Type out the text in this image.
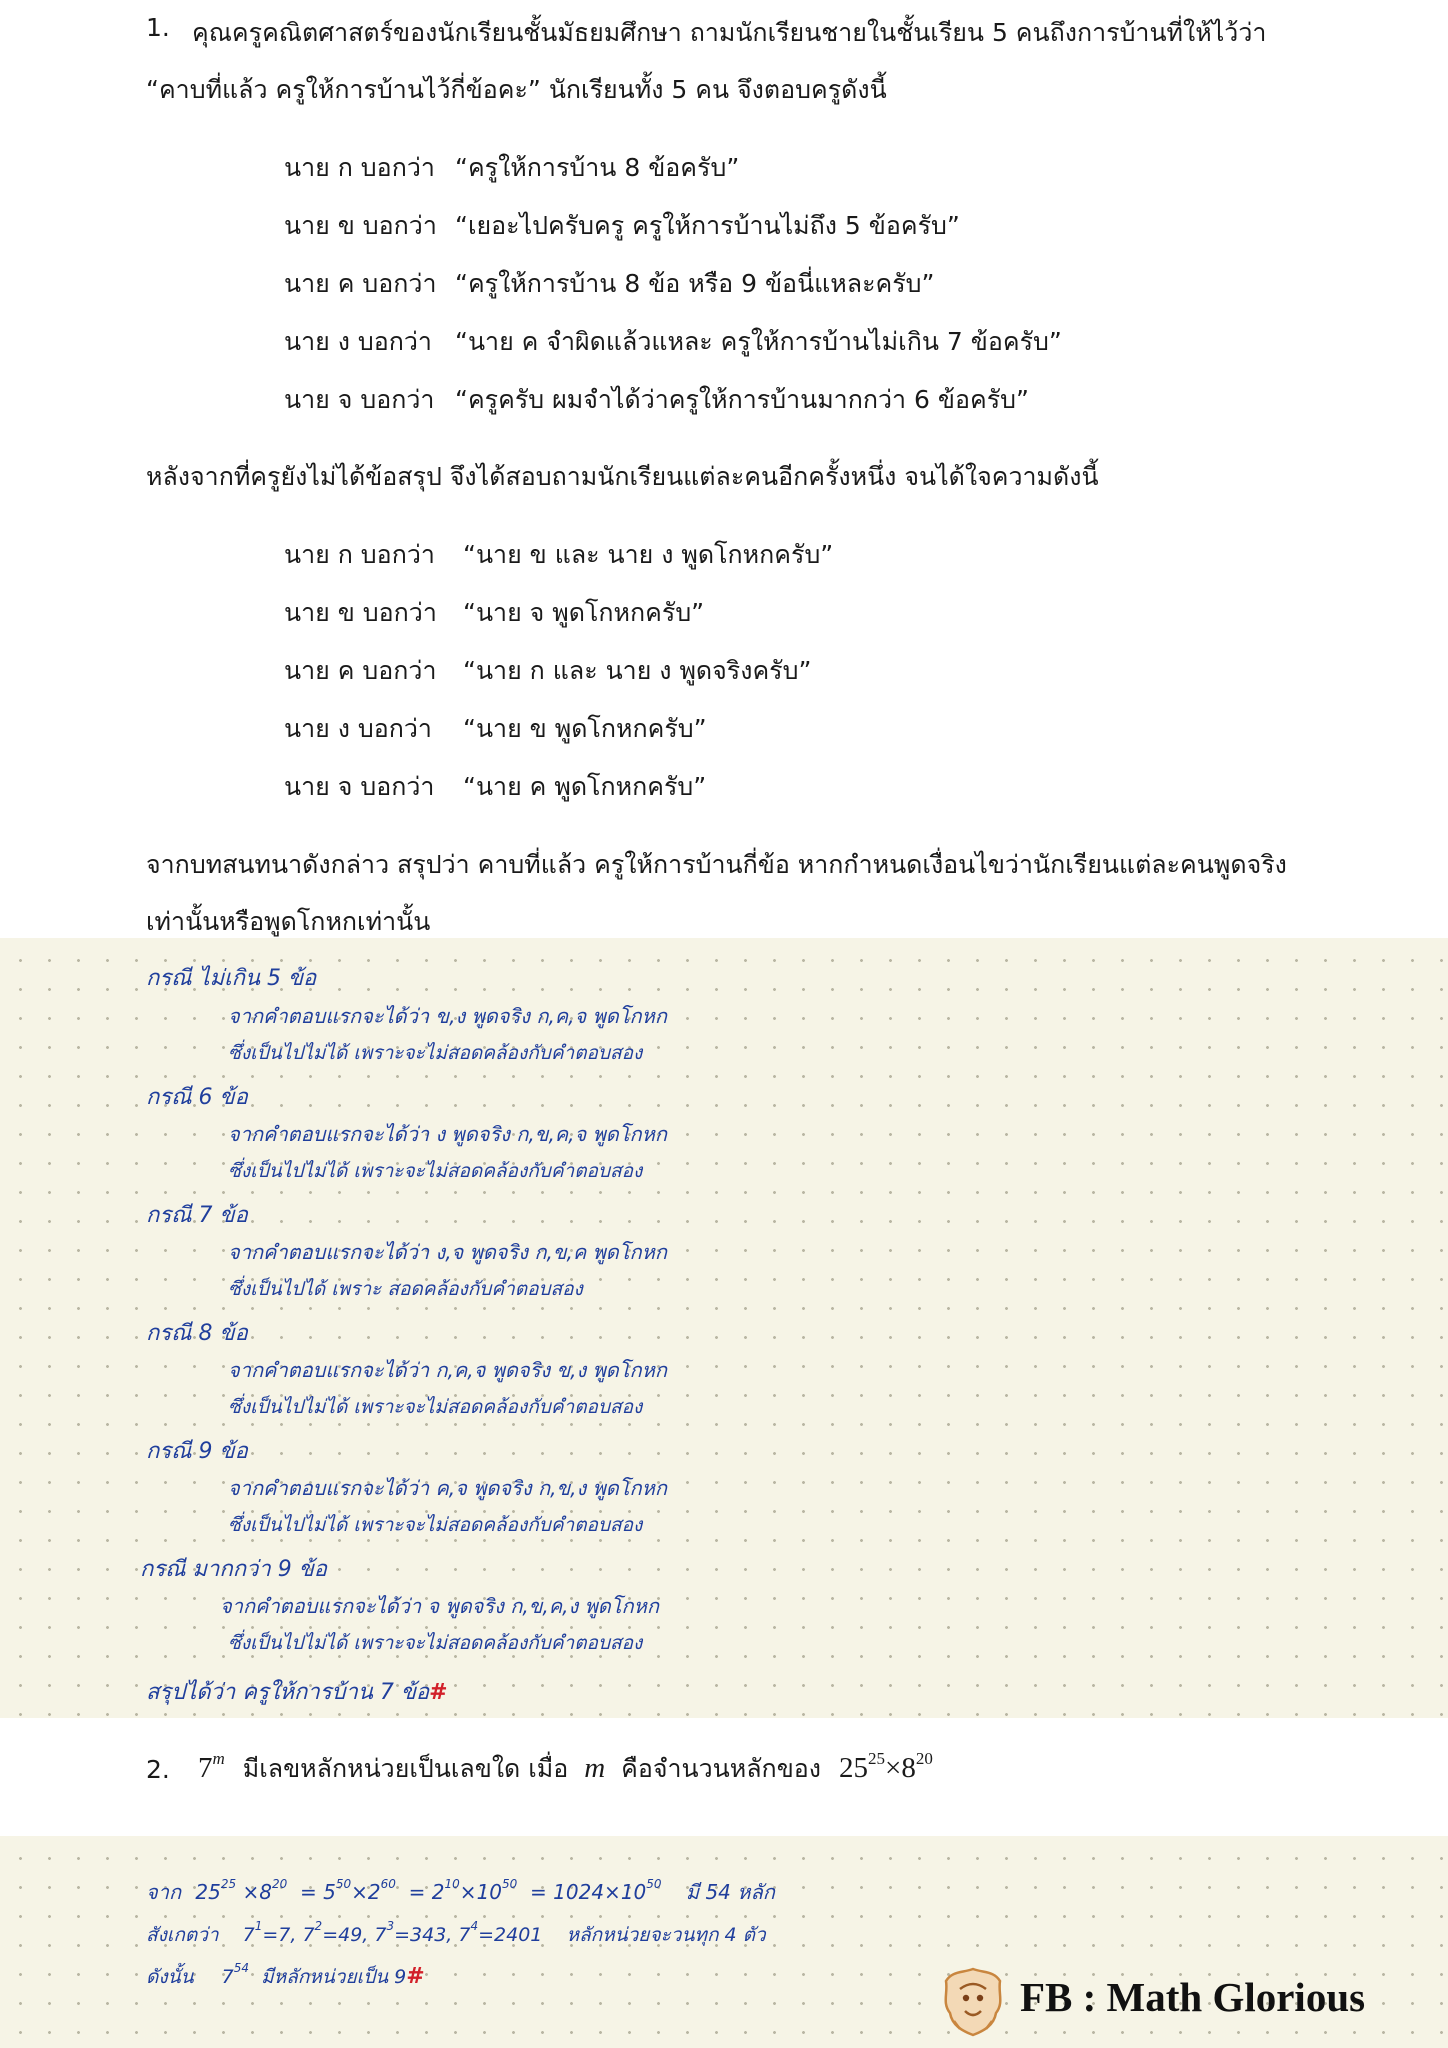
1. คุณครูคณิตศาสตร์ของนักเรียนชั้นมัธยมศึกษา ถามนักเรียนชายในชั้นเรียน 5 คนถึงการบ้านที่ให้ไว้ว่า
“คาบที่แล้ว ครูให้การบ้านไว้กี่ข้อคะ” นักเรียนทั้ง 5 คน จึงตอบครูดังนี้
นาย ก บอกว่า “ครูให้การบ้าน 8 ข้อครับ”
นาย ข บอกว่า “เยอะไปครับครู ครูให้การบ้านไม่ถึง 5 ข้อครับ”
นาย ค บอกว่า “ครูให้การบ้าน 8 ข้อ หรือ 9 ข้อนี่แหละครับ”
นาย ง บอกว่า “นาย ค จำผิดแล้วแหละ ครูให้การบ้านไม่เกิน 7 ข้อครับ”
นาย จ บอกว่า “ครูครับ ผมจำได้ว่าครูให้การบ้านมากกว่า 6 ข้อครับ”
หลังจากที่ครูยังไม่ได้ข้อสรุป จึงได้สอบถามนักเรียนแต่ละคนอีกครั้งหนึ่ง จนได้ใจความดังนี้
นาย ก บอกว่า “นาย ข และ นาย ง พูดโกหกครับ”
นาย ข บอกว่า “นาย จ พูดโกหกครับ”
นาย ค บอกว่า “นาย ก และ นาย ง พูดจริงครับ”
นาย ง บอกว่า “นาย ข พูดโกหกครับ”
นาย จ บอกว่า “นาย ค พูดโกหกครับ”
จากบทสนทนาดังกล่าว สรุปว่า คาบที่แล้ว ครูให้การบ้านกี่ข้อ หากกำหนดเงื่อนไขว่านักเรียนแต่ละคนพูดจริง
เท่านั้นหรือพูดโกหกเท่านั้น
กรณี ไม่เกิน 5 ข้อ
จากคำตอบแรกจะได้ว่า ข,ง พูดจริง ก,ค,จ พูดโกหก
ซึ่งเป็นไปไม่ได้ เพราะจะไม่สอดคล้องกับคำตอบสอง
กรณี 6 ข้อ
จากคำตอบแรกจะได้ว่า ง พูดจริง ก,ข,ค,จ พูดโกหก
ซึ่งเป็นไปไม่ได้ เพราะจะไม่สอดคล้องกับคำตอบสอง
กรณี 7 ข้อ
จากคำตอบแรกจะได้ว่า ง,จ พูดจริง ก,ข,ค พูดโกหก
ซึ่งเป็นไปได้ เพราะ สอดคล้องกับคำตอบสอง
กรณี 8 ข้อ
จากคำตอบแรกจะได้ว่า ก,ค,จ พูดจริง ข,ง พูดโกหก
ซึ่งเป็นไปไม่ได้ เพราะจะไม่สอดคล้องกับคำตอบสอง
กรณี 9 ข้อ
จากคำตอบแรกจะได้ว่า ค,จ พูดจริง ก,ข,ง พูดโกหก
ซึ่งเป็นไปไม่ได้ เพราะจะไม่สอดคล้องกับคำตอบสอง
กรณี มากกว่า 9 ข้อ
จากคำตอบแรกจะได้ว่า จ พูดจริง ก,ข,ค,ง พูดโกหก
ซึ่งเป็นไปไม่ได้ เพราะจะไม่สอดคล้องกับคำตอบสอง
สรุปได้ว่า ครูให้การบ้าน 7 ข้อ#
2. 7$^m$ มีเลขหลักหน่วยเป็นเลขใด เมื่อ m คือจำนวนหลักของ $25^{25}\times 8^{20}$
จาก $25^{25} \times 8^{20} = 5^{50}\times 2^{60} = 2^{10}\times 10^{50} = 1024\times 10^{50}$ มี 54 หลัก
สังเกตว่า $7^1=7$, $7^2=49$, $7^3=343$, $7^4=2401$ หลักหน่วยจะวนทุก 4 ตัว
ดังนั้น $7^{54}$ มีหลักหน่วยเป็น 9#	FB : Math Glorious
